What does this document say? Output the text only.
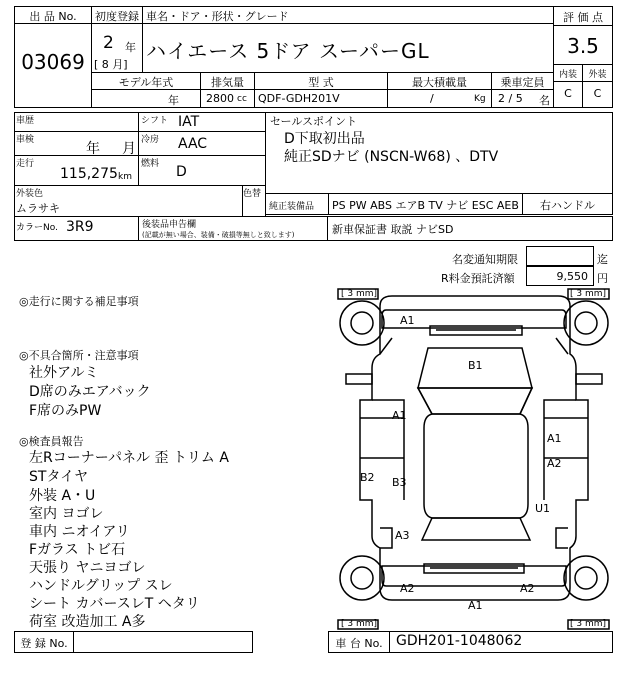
出 品 No.
03069
初度登録
2 年
[ 8 月]
車名・ドア・形状・グレード
ハイエース 5ドア スーパーGL
評 価 点
3.5
内装	外装
C	C
モデル年式
年
排気量
2800 cc
型 式
QDF-GDH201V
最大積載量
/	Kg
乗車定員
2 / 5 名
車歴
車検
年 月
走行
115,275 km
シフト IAT
冷房 AAC
燃料 D
セールスポイント
D下取初出品
純正SDナビ (NSCN-W68) 、DTV
外装色
ムラサキ
色替
純正装備品 PS PW ABS エアB TV ナビ ESC AEB	右ハンドル
カラーNo. 3R9	後装品申告欄
(記載が無い場合、装備・破損等無しと致します)	新車保証書 取説 ナビSD
名変通知期限	迄
R料金預託済額	9,550 円
◎走行に関する補足事項
◎不具合箇所・注意事項
社外アルミ
D席のみエアバック
F席のみPW
◎検査員報告
左Rコーナーパネル 歪 トリム A
STタイヤ
外装 A・U
室内 ヨゴレ
車内 ニオイアリ
Fガラス トビ石
天張り ヤニヨゴレ
ハンドルグリップ スレ
シート カバースレT ヘタリ
荷室 改造加工 A多
[ 3 mm]	[ 3 mm]
[ 3 mm]	[ 3 mm]
A1
B1
A1
A1
A2
B2 B3
U1
A3
A2	A2
A1
登 録 No.	車 台 No. GDH201-1048062
